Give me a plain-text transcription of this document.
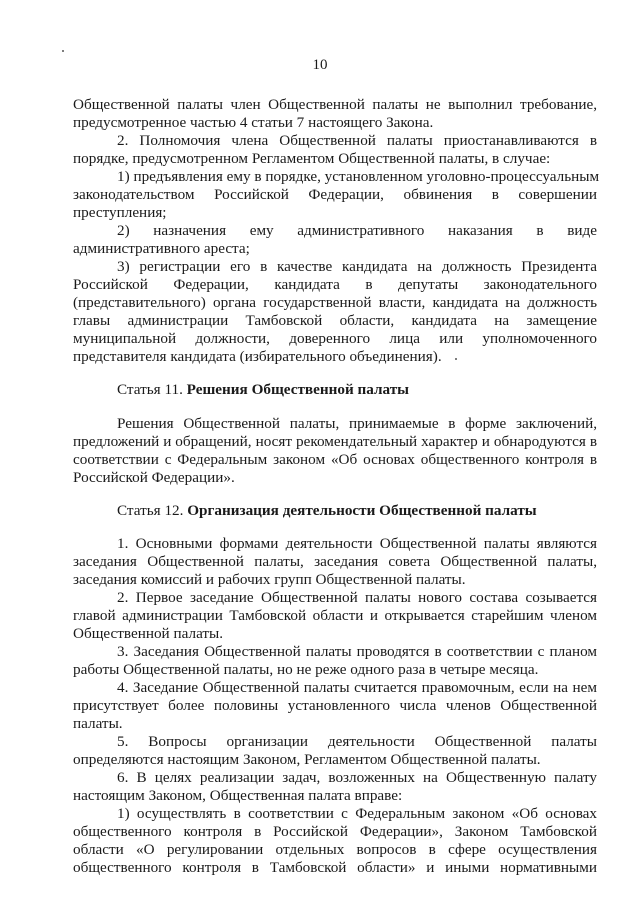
10
Общественной палаты член Общественной палаты не выполнил требование,
предусмотренное частью 4 статьи 7 настоящего Закона.
2. Полномочия члена Общественной палаты приостанавливаются в
порядке, предусмотренном Регламентом Общественной палаты, в случае:
1) предъявления ему в порядке, установленном уголовно-процессуальным
законодательством Российской Федерации, обвинения в совершении
преступления;
2) назначения ему административного наказания в виде
административного ареста;
3) регистрации его в качестве кандидата на должность Президента
Российской Федерации, кандидата в депутаты законодательного
(представительного) органа государственной власти, кандидата на должность
главы администрации Тамбовской области, кандидата на замещение
муниципальной должности, доверенного лица или уполномоченного
представителя кандидата (избирательного объединения).
Статья 11. Решения Общественной палаты
Решения Общественной палаты, принимаемые в форме заключений,
предложений и обращений, носят рекомендательный характер и обнародуются в
соответствии с Федеральным законом «Об основах общественного контроля в
Российской Федерации».
Статья 12. Организация деятельности Общественной палаты
1. Основными формами деятельности Общественной палаты являются
заседания Общественной палаты, заседания совета Общественной палаты,
заседания комиссий и рабочих групп Общественной палаты.
2. Первое заседание Общественной палаты нового состава созывается
главой администрации Тамбовской области и открывается старейшим членом
Общественной палаты.
3. Заседания Общественной палаты проводятся в соответствии с планом
работы Общественной палаты, но не реже одного раза в четыре месяца.
4. Заседание Общественной палаты считается правомочным, если на нем
присутствует более половины установленного числа членов Общественной
палаты.
5. Вопросы организации деятельности Общественной палаты
определяются настоящим Законом, Регламентом Общественной палаты.
6. В целях реализации задач, возложенных на Общественную палату
настоящим Законом, Общественная палата вправе:
1) осуществлять в соответствии с Федеральным законом «Об основах
общественного контроля в Российской Федерации», Законом Тамбовской
области «О регулировании отдельных вопросов в сфере осуществления
общественного контроля в Тамбовской области» и иными нормативными
